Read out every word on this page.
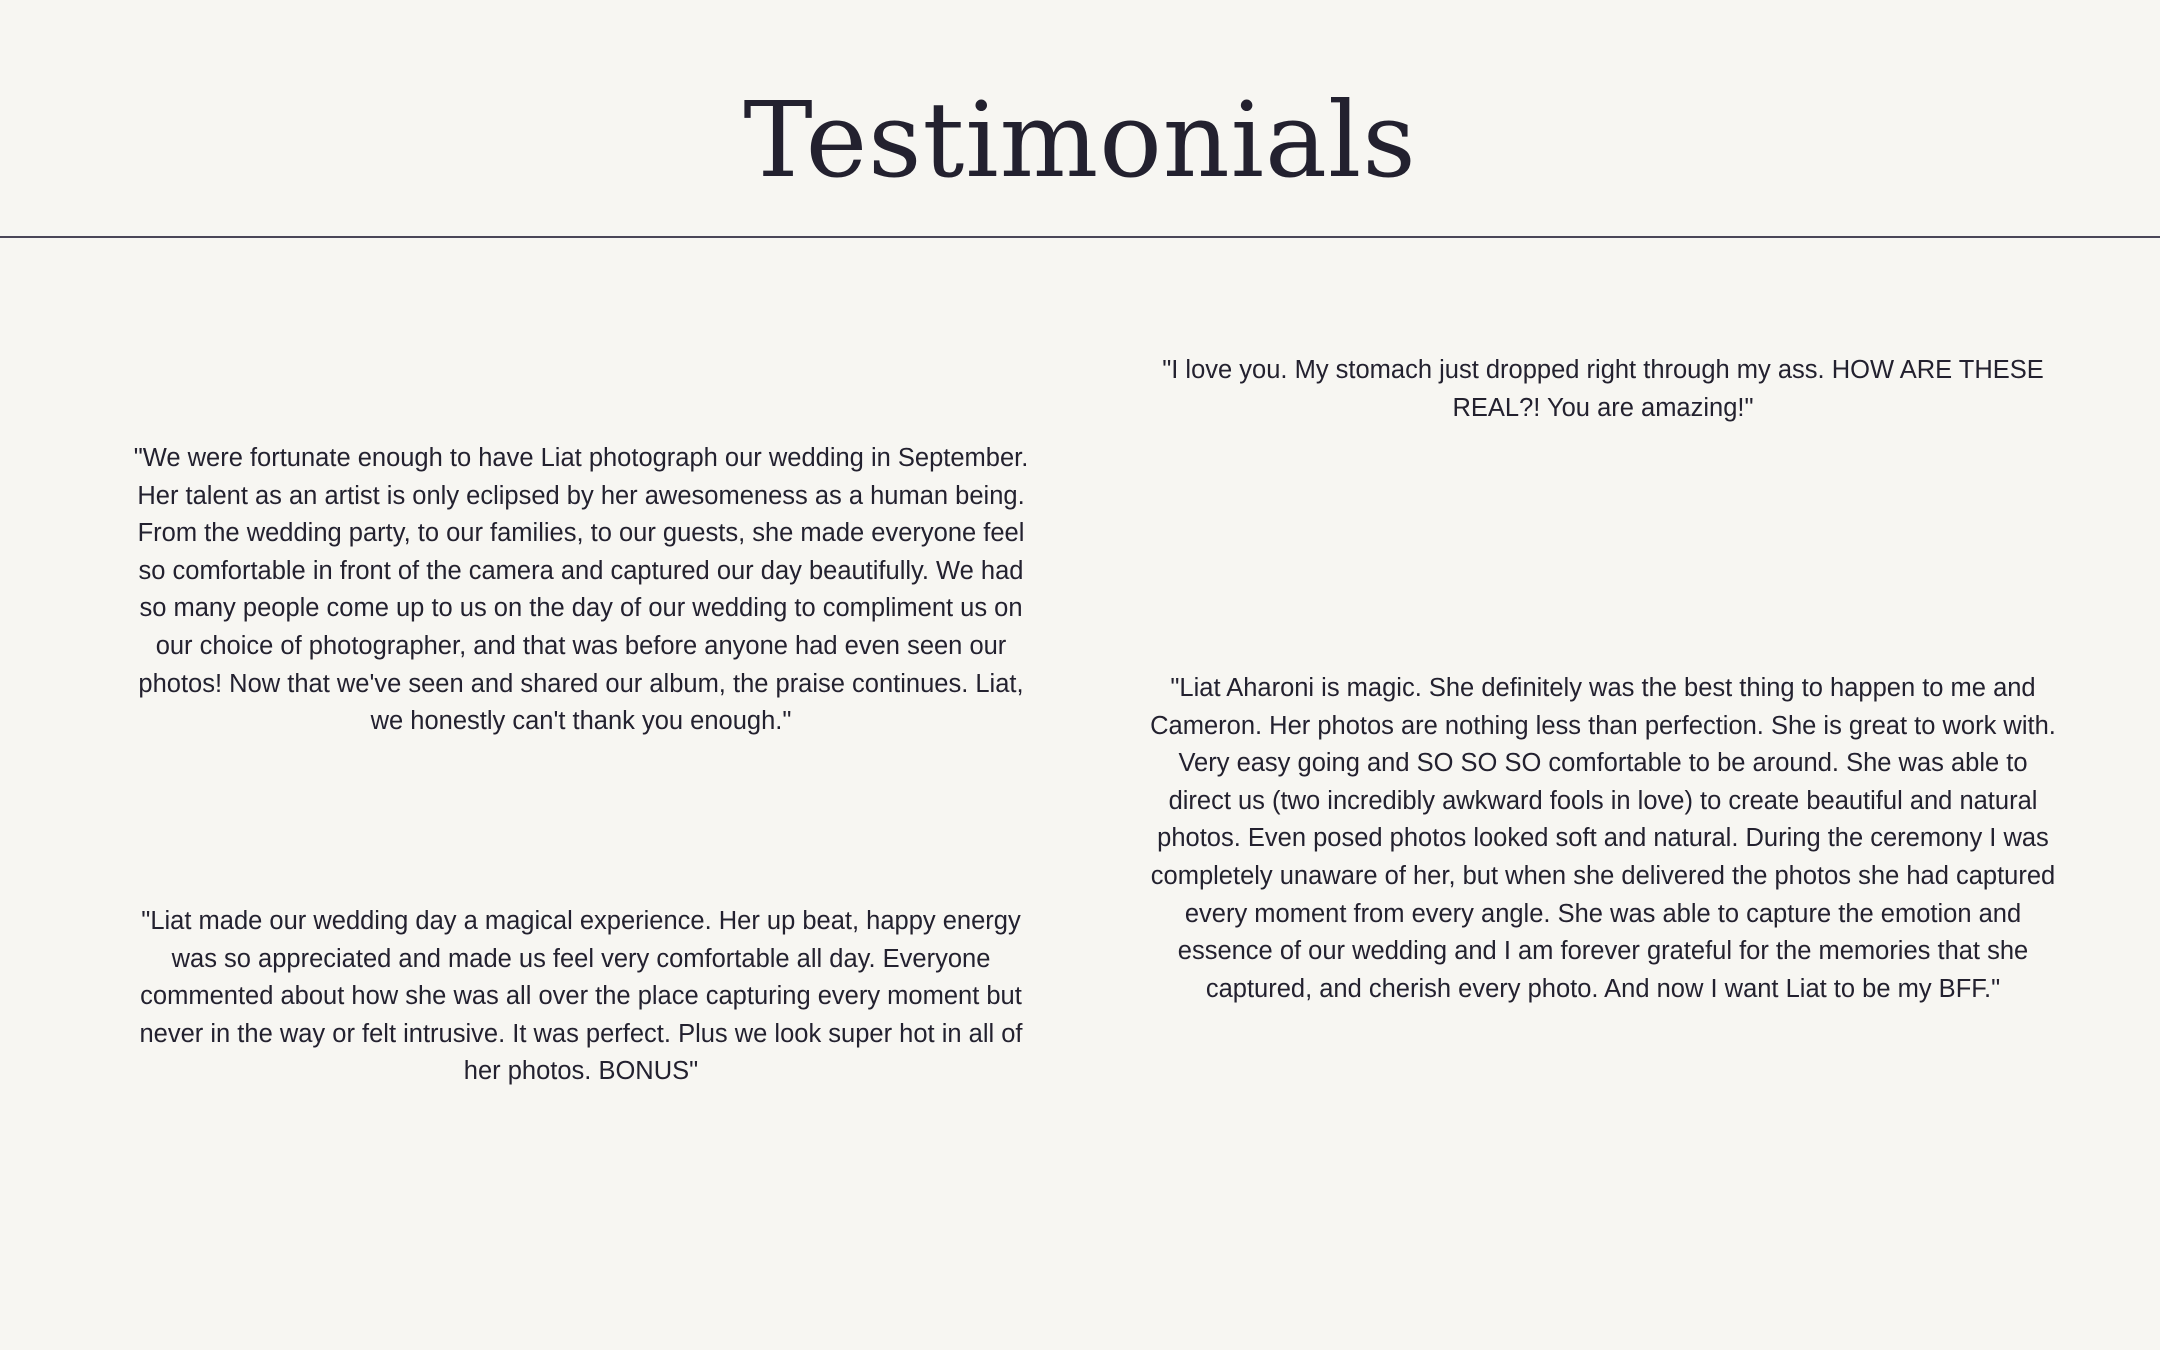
Testimonials

"We were fortunate enough to have Liat photograph our wedding in September. Her talent as an artist is only eclipsed by her awesomeness as a human being. From the wedding party, to our families, to our guests, she made everyone feel so comfortable in front of the camera and captured our day beautifully. We had so many people come up to us on the day of our wedding to compliment us on our choice of photographer, and that was before anyone had even seen our photos! Now that we've seen and shared our album, the praise continues. Liat, we honestly can't thank you enough."

"I love you. My stomach just dropped right through my ass. HOW ARE THESE REAL?! You are amazing!"

"Liat Aharoni is magic. She definitely was the best thing to happen to me and Cameron. Her photos are nothing less than perfection. She is great to work with. Very easy going and SO SO SO comfortable to be around. She was able to direct us (two incredibly awkward fools in love) to create beautiful and natural photos. Even posed photos looked soft and natural. During the ceremony I was completely unaware of her, but when she delivered the photos she had captured every moment from every angle. She was able to capture the emotion and essence of our wedding and I am forever grateful for the memories that she captured, and cherish every photo. And now I want Liat to be my BFF."

"Liat made our wedding day a magical experience. Her up beat, happy energy was so appreciated and made us feel very comfortable all day. Everyone commented about how she was all over the place capturing every moment but never in the way or felt intrusive. It was perfect. Plus we look super hot in all of her photos. BONUS"
